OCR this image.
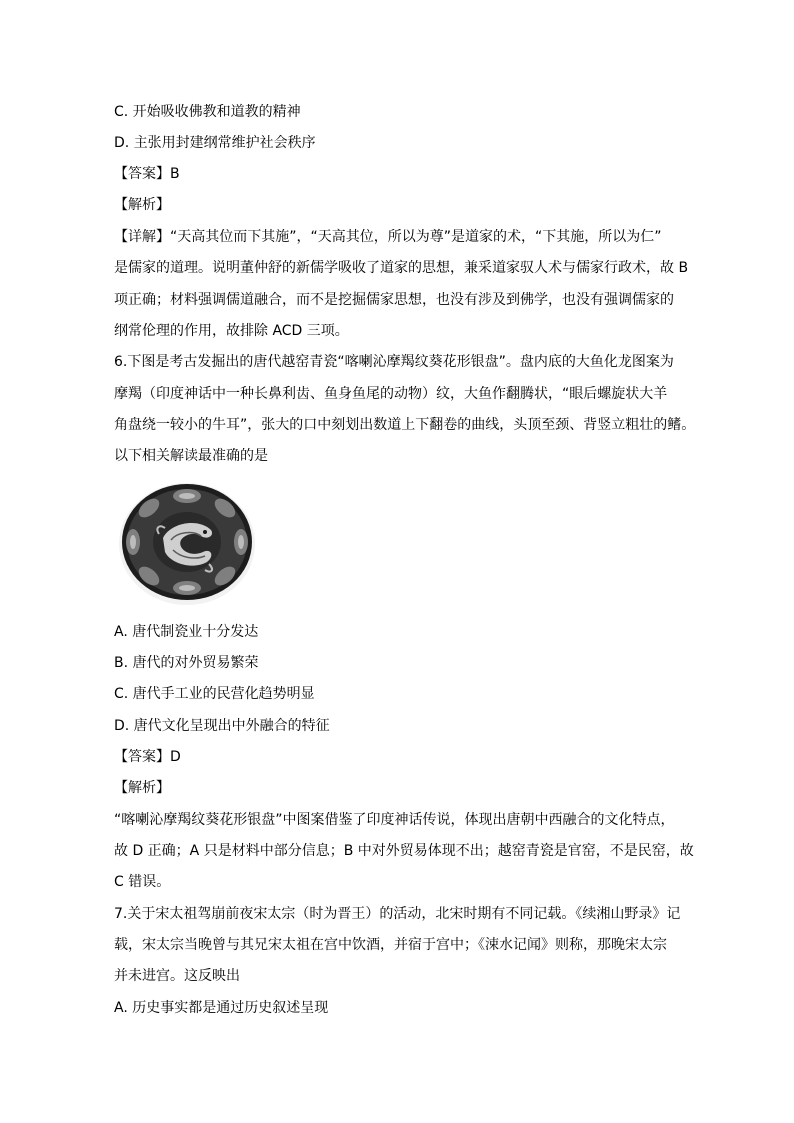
C. 开始吸收佛教和道教的精神
D. 主张用封建纲常维护社会秩序
【答案】B
【解析】
【详解】“天高其位而下其施”，“天高其位，所以为尊”是道家的术，“下其施，所以为仁”
是儒家的道理。说明董仲舒的新儒学吸收了道家的思想，兼采道家驭人术与儒家行政术，故 B
项正确；材料强调儒道融合，而不是挖掘儒家思想，也没有涉及到佛学，也没有强调儒家的
纲常伦理的作用，故排除 ACD 三项。
6.下图是考古发掘出的唐代越窑青瓷“喀喇沁摩羯纹葵花形银盘”。盘内底的大鱼化龙图案为
摩羯（印度神话中一种长鼻利齿、鱼身鱼尾的动物）纹，大鱼作翻腾状，“眼后螺旋状大羊
角盘绕一较小的牛耳”，张大的口中刻划出数道上下翻卷的曲线，头顶至颈、背竖立粗壮的鳍。
以下相关解读最准确的是
A. 唐代制瓷业十分发达
B. 唐代的对外贸易繁荣
C. 唐代手工业的民营化趋势明显
D. 唐代文化呈现出中外融合的特征
【答案】D
【解析】
“喀喇沁摩羯纹葵花形银盘”中图案借鉴了印度神话传说，体现出唐朝中西融合的文化特点，
故 D 正确；A 只是材料中部分信息；B 中对外贸易体现不出；越窑青瓷是官窑，不是民窑，故
C 错误。
7.关于宋太祖驾崩前夜宋太宗（时为晋王）的活动，北宋时期有不同记载。《续湘山野录》记
载，宋太宗当晚曾与其兄宋太祖在宫中饮酒，并宿于宫中；《涑水记闻》则称，那晚宋太宗
并未进宫。这反映出
A. 历史事实都是通过历史叙述呈现
